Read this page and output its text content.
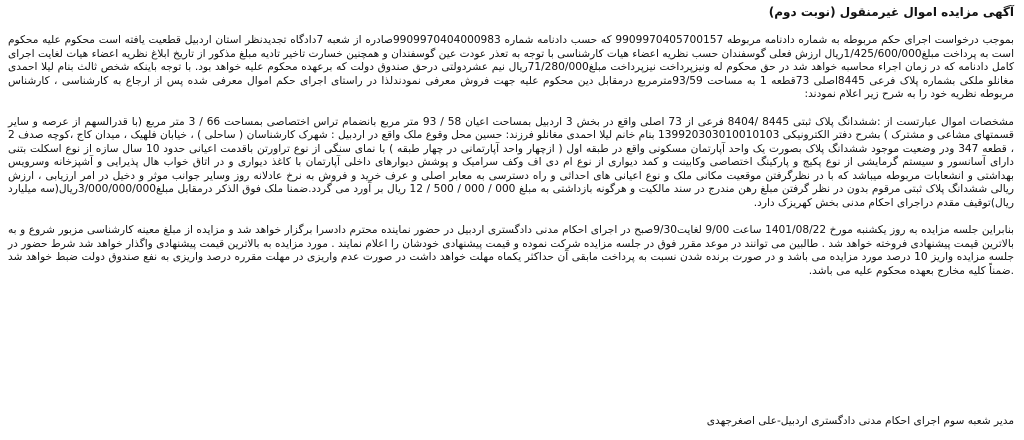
آگهی مزایده اموال غیرمنقول (نوبت دوم)

بموجب درخواست اجرای حکم مربوطه به شماره دادنامه مربوطه 9909970405700157 که حسب دادنامه شماره 9909970404000983صادره از شعبه 7دادگاه تجدیدنظر استان اردبیل قطعیت یافته است محکوم علیه محکوم است به پرداخت مبلغ1/425/600/000ریال ارزش فعلی گوسفندان حسب نظریه اعضاء هیات کارشناسی با توجه به تعذر عودت عین گوسفندان و همچنین خسارت تاخیر تادیه مبلغ مذکور از تاریخ ابلاغ نظریه اعضاء هیات لغایت اجرای کامل دادنامه که در زمان اجراء محاسبه خواهد شد در حق محکوم له ونیزپرداخت نیزپرداخت مبلغ71/280/000ریال نیم عشردولتی درحق صندوق دولت که برعهده محکوم علیه خواهد بود. با توجه باینکه شخص ثالث بنام لیلا احمدی مغانلو ملکی بشماره پلاک فرعی 8445اصلی 73قطعه 1 به مساحت 93/59مترمربع درمقابل دین محکوم علیه جهت فروش معرفی نمودندلذا در راستای اجرای حکم اموال معرفی شده پس از ارجاع به کارشناسی ، کارشناس مربوطه نظریه خود را به شرح زیر اعلام نمودند:

مشخصات اموال عبارتست از :ششدانگ پلاک ثبتی 8445 /8404 فرعی از 73 اصلی واقع در بخش 3 اردبیل بمساحت اعیان 58 / 93 متر مربع بانضمام تراس اختصاصی بمساحت 66 / 3 متر مربع (با قدرالسهم از عرصه و سایر قسمتهای مشاعی و مشترک ) بشرح دفتر الکترونیکی 139920303010010103 بنام خانم لیلا احمدی مغانلو فرزند: حسین محل وقوع ملک واقع در اردبیل : شهرک کارشناسان ( ساحلی ) ، خیابان فلهیک ، میدان کاج ،کوچه صدف 2 ، قطعه 347 ودر وضعیت موجود ششدانگ پلاک بصورت یک واحد آپارتمان مسکونی واقع در طبقه اول ( ازچهار واحد آپارتمانی در چهار طبقه ) با نمای سنگی از نوع تراورتن باقدمت اعیانی حدود 10 سال سازه از نوع اسکلت بتنی دارای آسانسور و سیستم گرمایشی از نوع پکیج و پارکینگ اختصاصی وکابینت و کمد دیواری از نوع ام دی اف وکف سرامیک و پوشش دیوارهای داخلی آپارتمان با کاغذ دیواری و در اتاق خواب هال پذیرایی و آشپزخانه وسرویس بهداشتی و انشعابات مربوطه میباشد که با در نظرگرفتن موقعیت مکانی ملک و نوع اعیانی های احداثی و راه دسترسی به معابر اصلی و عرف خرید و فروش به نرخ عادلانه روز وسایر جوانب موثر و دخیل در امر ارزیابی ، ارزش ریالی ششدانگ پلاک ثبتی مرقوم بدون در نظر گرفتن مبلغ رهن مندرج در سند مالکیت و هرگونه بازداشتی به مبلغ 000 / 000 / 500 / 12 ریال بر آورد می گردد.ضمنا ملک فوق الذکر درمقابل مبلغ3/000/000/000ریال(سه میلیارد ریال)توقیف مقدم دراجرای احکام مدنی بخش کهریزک دارد.

بنابراین جلسه مزایده به روز یکشنبه مورخ 1401/08/22 ساعت 9/00 لغایت9/30صبح در اجرای احکام مدنی دادگستری اردبیل در حضور نماینده محترم دادسرا برگزار خواهد شد و مزایده از مبلغ معینه کارشناسی مزبور شروع و به بالاترین قیمت پیشنهادی فروخته خواهد شد . طالبین می توانند در موعد مقرر فوق در جلسه مزایده شرکت نموده و قیمت پیشنهادی خودشان را اعلام نمایند . مورد مزایده به بالاترین قیمت پیشنهادی واگذار خواهد شد شرط حضور در جلسه مزایده واریز 10 درصد مورد مزایده می باشد و در صورت برنده شدن نسبت به پرداخت مابقی آن حداکثر یکماه مهلت خواهد داشت در صورت عدم واریزی در مهلت مقرره درصد واریزی به نفع صندوق دولت ضبط خواهد شد .ضمناً کلیه مخارج بعهده محکوم علیه می باشد.

مدیر شعبه سوم اجرای احکام مدنی دادگستری اردبیل-علی اصغرجهدی
